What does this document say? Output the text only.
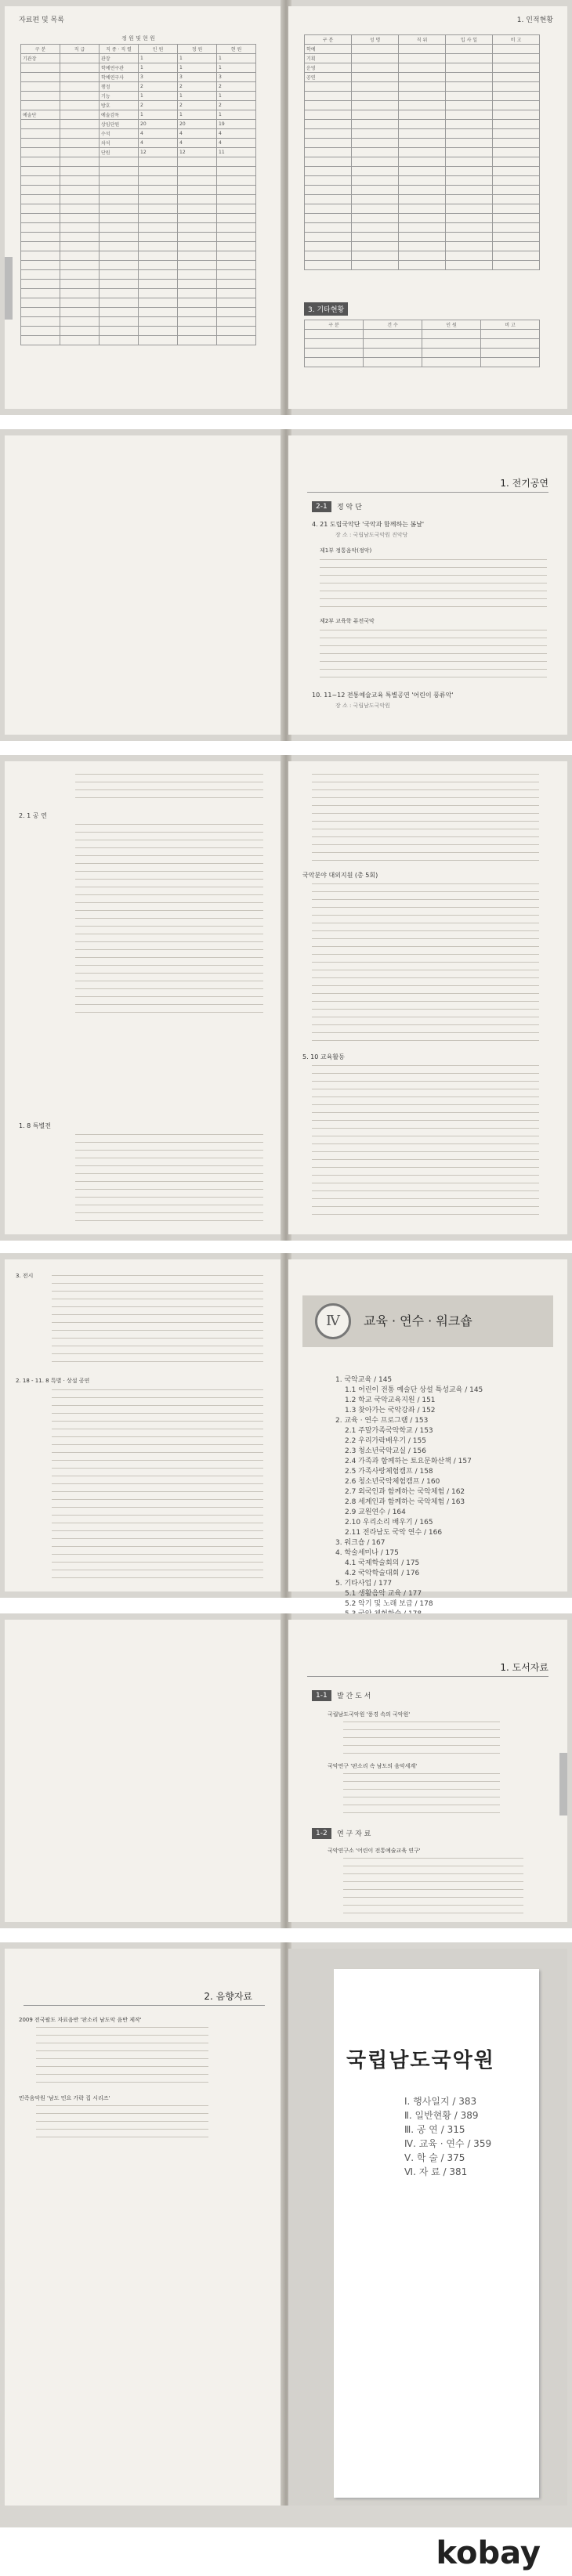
자료편 및 목록
정 원 및 현 원
구 분	직 급	직 종 · 직 렬	인 원	정 원	현 원
기관장		관장	1	1	1
		학예연구관	1	1	1
		학예연구사	3	3	3
		행정	2	2	2
		기능	1	1	1
		방호	2	2	2
예술단		예술감독	1	1	1
		상임단원	20	20	19
		수석	4	4	4
		차석	4	4	4
		단원	12	12	11

1. 인적현황
구 분	성 명	직 위	입 사 일	비 고
학예				
기획				
운영				
공연				

3. 기타현황
구 분	건 수	인 원	비 고

1. 전기공연
2-1	정 악 단
4. 21 도립국악단 '국악과 함께하는 봄날'
장 소 : 국립남도국악원 진악당
제1부 정통음악(정악)
제2부 교육학 퓨전국악
10. 11~12 전통예술교육 특별공연 '어린이 풍류악'
장 소 : 국립남도국악원
2. 1 공 연
1. 8 특별전
국악분야 대외지원 (총 5회)
5. 10 교육활동
3. 전시
2. 18 - 11. 8 특별 · 상설 공연
Ⅳ	교육 · 연수 · 워크숍
1. 국악교육 / 145
1.1 어린이 전통 예술단 상설 특성교육 / 145
1.2 학교 국악교육지원 / 151
1.3 찾아가는 국악강좌 / 152
2. 교육 · 연수 프로그램 / 153
2.1 주말가족국악학교 / 153
2.2 우리가락배우기 / 155
2.3 청소년국악교실 / 156
2.4 가족과 함께하는 토요문화산책 / 157
2.5 가족사랑체험캠프 / 158
2.6 청소년국악체험캠프 / 160
2.7 외국인과 함께하는 국악체험 / 162
2.8 세계인과 함께하는 국악체험 / 163
2.9 교원연수 / 164
2.10 우리소리 배우기 / 165
2.11 전라남도 국악 연수 / 166
3. 워크숍 / 167
4. 학술세미나 / 175
4.1 국제학술회의 / 175
4.2 국악학술대회 / 176
5. 기타사업 / 177
5.1 생활음악 교육 / 177
5.2 악기 및 노래 보급 / 178
1. 도서자료
1-1	발 간 도 서
국립남도국악원 '풍경 속의 국악원'
국악연구 '판소리 속 남도의 음악세계'
1-2	연 구 자 료
국악연구소 '어린이 전통예술교육 연구'
2. 음향자료
2009 전국팔도 자료음반 '판소리 남도악 음반 제작'
민족음악원 '남도 민요 가락 집 시리즈'
국립남도국악원
Ⅰ. 행사일지 / 383
Ⅱ. 일반현황 / 389
Ⅲ. 공 연 / 315
Ⅳ. 교육 · 연수 / 359
Ⅴ. 학 술 / 375
Ⅵ. 자 료 / 381
kobay
